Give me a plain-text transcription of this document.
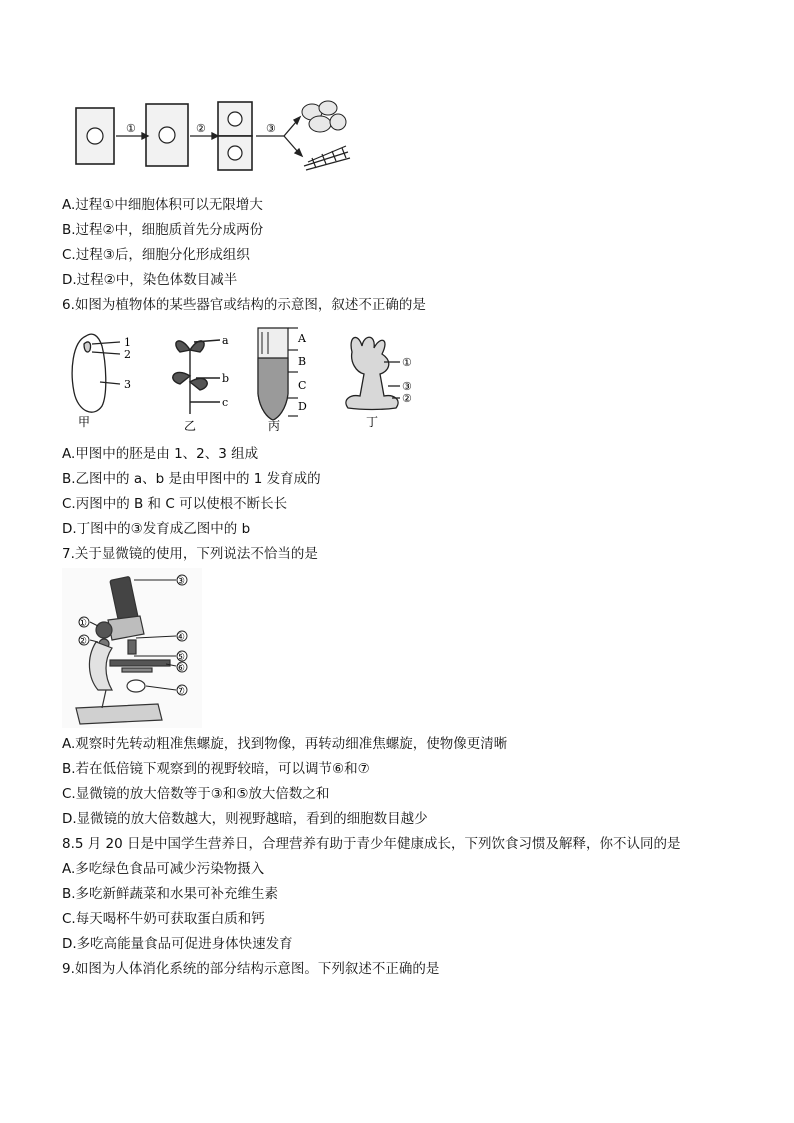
①	②	③
A.过程①中细胞体积可以无限增大
B.过程②中，细胞质首先分成两份
C.过程③后，细胞分化形成组织
D.过程②中，染色体数目减半
6.如图为植物体的某些器官或结构的示意图，叙述不正确的是
1
2
3
甲
a
b
c
乙
A
B
C
D
丙
①
③
②
丁
A.甲图中的胚是由 1、2、3 组成
B.乙图中的 a、b 是由甲图中的 1 发育成的
C.丙图中的 B 和 C 可以使根不断长长
D.丁图中的③发育成乙图中的 b
7.关于显微镜的使用，下列说法不恰当的是
③
①
④
②
⑤
⑥
⑦
A.观察时先转动粗准焦螺旋，找到物像，再转动细准焦螺旋，使物像更清晰
B.若在低倍镜下观察到的视野较暗，可以调节⑥和⑦
C.显微镜的放大倍数等于③和⑤放大倍数之和
D.显微镜的放大倍数越大，则视野越暗，看到的细胞数目越少
8.5 月 20 日是中国学生营养日，合理营养有助于青少年健康成长，下列饮食习惯及解释，你不认同的是
A.多吃绿色食品可减少污染物摄入
B.多吃新鲜蔬菜和水果可补充维生素
C.每天喝杯牛奶可获取蛋白质和钙
D.多吃高能量食品可促进身体快速发育
9.如图为人体消化系统的部分结构示意图。下列叙述不正确的是
